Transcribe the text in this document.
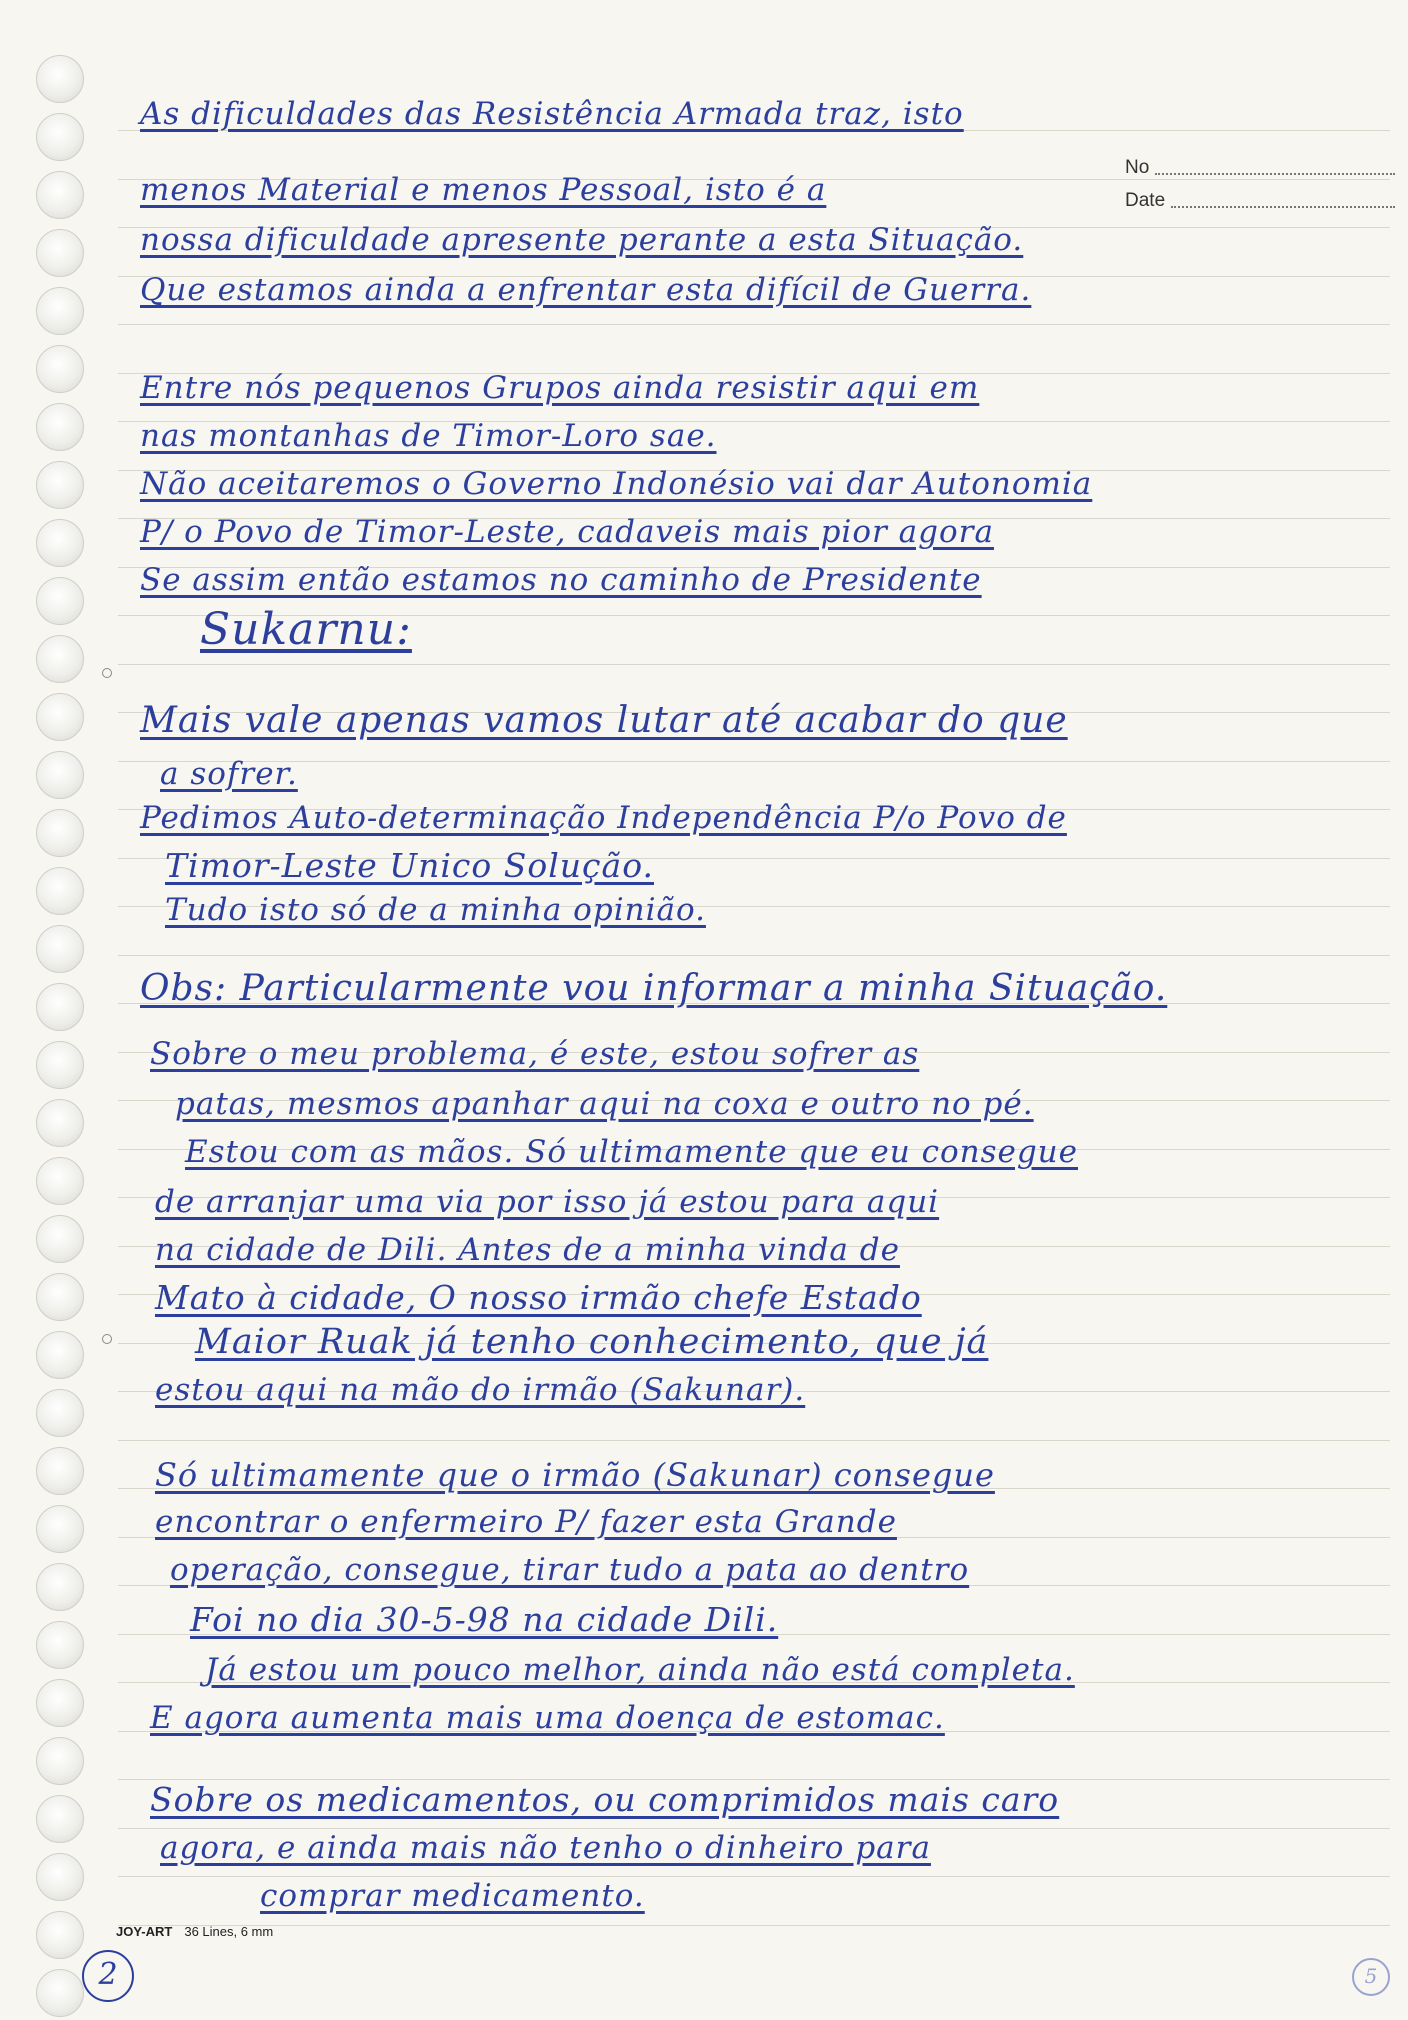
No
Date
As dificuldades das Resistência Armada traz, isto
menos Material e menos Pessoal, isto é a
nossa dificuldade apresente perante a esta Situação.
Que estamos ainda a enfrentar esta difícil de Guerra.
Entre nós pequenos Grupos ainda resistir aqui em
nas montanhas de Timor-Loro sae.
Não aceitaremos o Governo Indonésio vai dar Autonomia
P/ o Povo de Timor-Leste, cadaveis mais pior agora
Se assim então estamos no caminho de Presidente
Sukarnu:
Mais vale apenas vamos lutar até acabar do que
a sofrer.
Pedimos Auto-determinação Independência P/o Povo de
Timor-Leste Unico Solução.
Tudo isto só de a minha opinião.
Obs: Particularmente vou informar a minha Situação.
Sobre o meu problema, é este, estou sofrer as
patas, mesmos apanhar aqui na coxa e outro no pé.
Estou com as mãos. Só ultimamente que eu consegue
de arranjar uma via por isso já estou para aqui
na cidade de Dili. Antes de a minha vinda de
Mato à cidade, O nosso irmão chefe Estado
Maior Ruak já tenho conhecimento, que já
estou aqui na mão do irmão (Sakunar).
Só ultimamente que o irmão (Sakunar) consegue
encontrar o enfermeiro P/ fazer esta Grande
operação, consegue, tirar tudo a pata ao dentro
Foi no dia 30-5-98 na cidade Dili.
Já estou um pouco melhor, ainda não está completa.
E agora aumenta mais uma doença de estomac.
Sobre os medicamentos, ou comprimidos mais caro
agora, e ainda mais não tenho o dinheiro para
comprar medicamento.
JOY-ART 36 Lines, 6 mm
2	5
